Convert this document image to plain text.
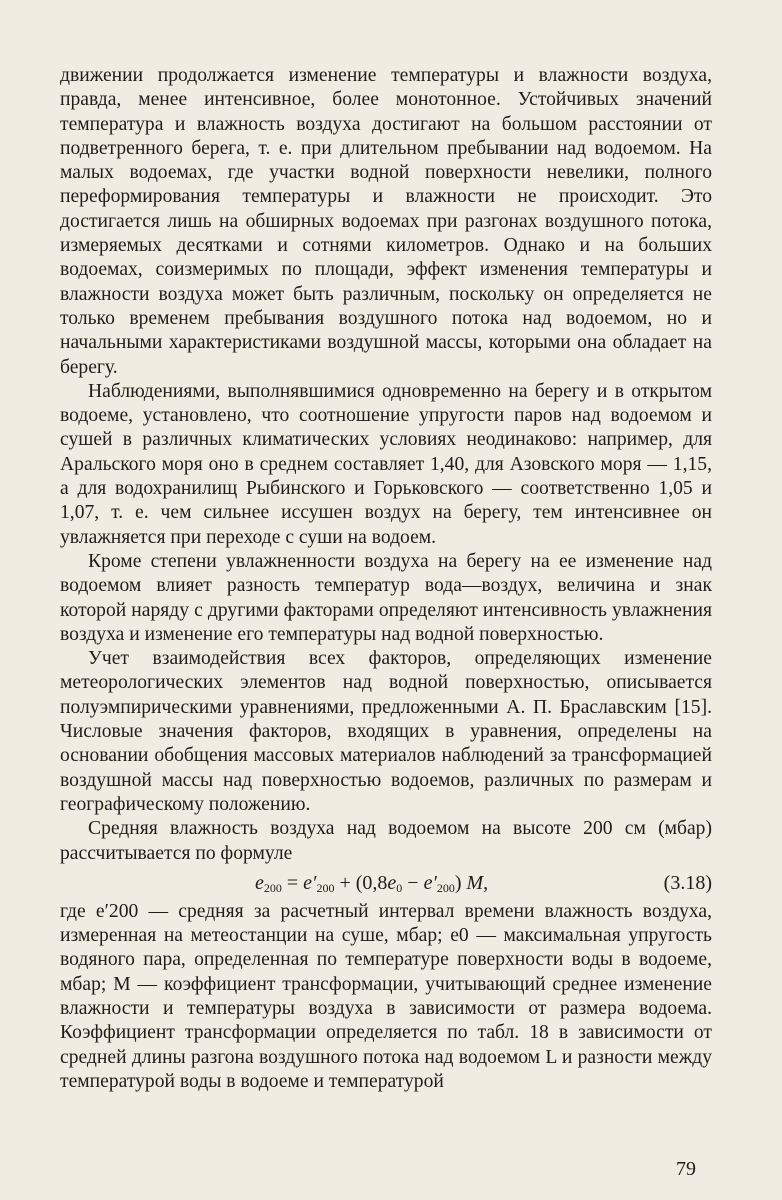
движении продолжается изменение температуры и влажности воздуха, правда, менее интенсивное, более монотонное. Устойчивых значений температура и влажность воздуха достигают на большом расстоянии от подветренного берега, т. е. при длительном пребывании над водоемом. На малых водоемах, где участки водной поверхности невелики, полного переформирования температуры и влажности не происходит. Это достигается лишь на обширных водоемах при разгонах воздушного потока, измеряемых десятками и сотнями километров. Однако и на больших водоемах, соизмеримых по площади, эффект изменения температуры и влажности воздуха может быть различным, поскольку он определяется не только временем пребывания воздушного потока над водоемом, но и начальными характеристиками воздушной массы, которыми она обладает на берегу.

Наблюдениями, выполнявшимися одновременно на берегу и в открытом водоеме, установлено, что соотношение упругости паров над водоемом и сушей в различных климатических условиях неодинаково: например, для Аральского моря оно в среднем составляет 1,40, для Азовского моря — 1,15, а для водохранилищ Рыбинского и Горьковского — соответственно 1,05 и 1,07, т. е. чем сильнее иссушен воздух на берегу, тем интенсивнее он увлажняется при переходе с суши на водоем.

Кроме степени увлажненности воздуха на берегу на ее изменение над водоемом влияет разность температур вода—воздух, величина и знак которой наряду с другими факторами определяют интенсивность увлажнения воздуха и изменение его температуры над водной поверхностью.

Учет взаимодействия всех факторов, определяющих изменение метеорологических элементов над водной поверхностью, описывается полуэмпирическими уравнениями, предложенными А. П. Браславским [15]. Числовые значения факторов, входящих в уравнения, определены на основании обобщения массовых материалов наблюдений за трансформацией воздушной массы над поверхностью водоемов, различных по размерам и географическому положению.

Средняя влажность воздуха над водоемом на высоте 200 см (мбар) рассчитывается по формуле

$e_{200} = e'_{200} + (0,8e_0 - e'_{200})$ M,	(3.18)

где e′200 — средняя за расчетный интервал времени влажность воздуха, измеренная на метеостанции на суше, мбар; e0 — максимальная упругость водяного пара, определенная по температуре поверхности воды в водоеме, мбар; M — коэффициент трансформации, учитывающий среднее изменение влажности и температуры воздуха в зависимости от размера водоема. Коэффициент трансформации определяется по табл. 18 в зависимости от средней длины разгона воздушного потока над водоемом L и разности между температурой воды в водоеме и температурой

79
